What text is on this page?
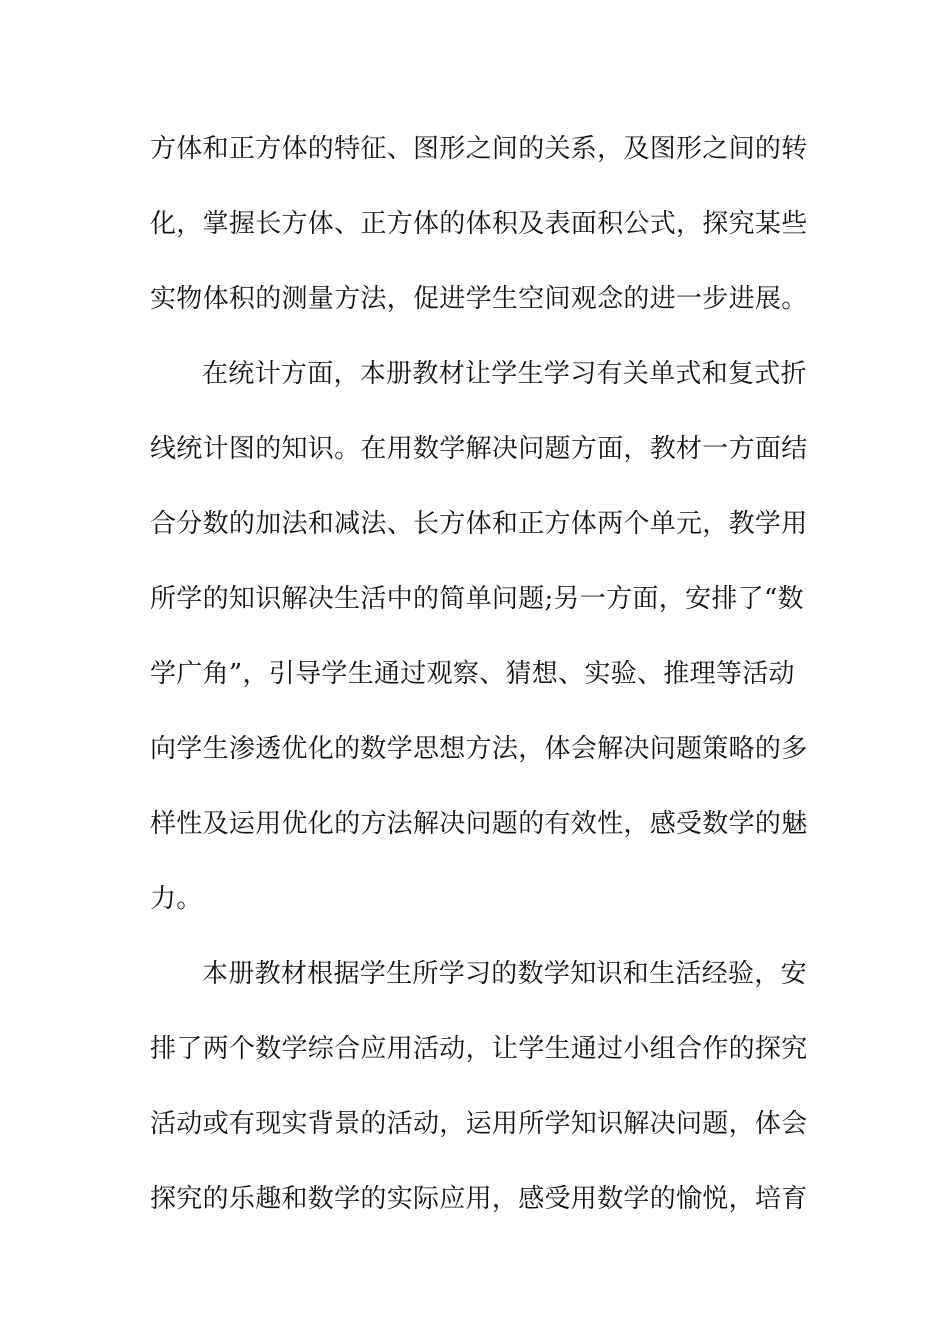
方体和正方体的特征、图形之间的关系，及图形之间的转
化，掌握长方体、正方体的体积及表面积公式，探究某些
实物体积的测量方法，促进学生空间观念的进一步进展。
在统计方面，本册教材让学生学习有关单式和复式折
线统计图的知识。在用数学解决问题方面，教材一方面结
合分数的加法和减法、长方体和正方体两个单元，教学用
所学的知识解决生活中的简单问题;另一方面，安排了“数
学广角”，引导学生通过观察、猜想、实验、推理等活动
向学生渗透优化的数学思想方法，体会解决问题策略的多
样性及运用优化的方法解决问题的有效性，感受数学的魅
力。
本册教材根据学生所学习的数学知识和生活经验，安
排了两个数学综合应用活动，让学生通过小组合作的探究
活动或有现实背景的活动，运用所学知识解决问题，体会
探究的乐趣和数学的实际应用，感受用数学的愉悦，培育
